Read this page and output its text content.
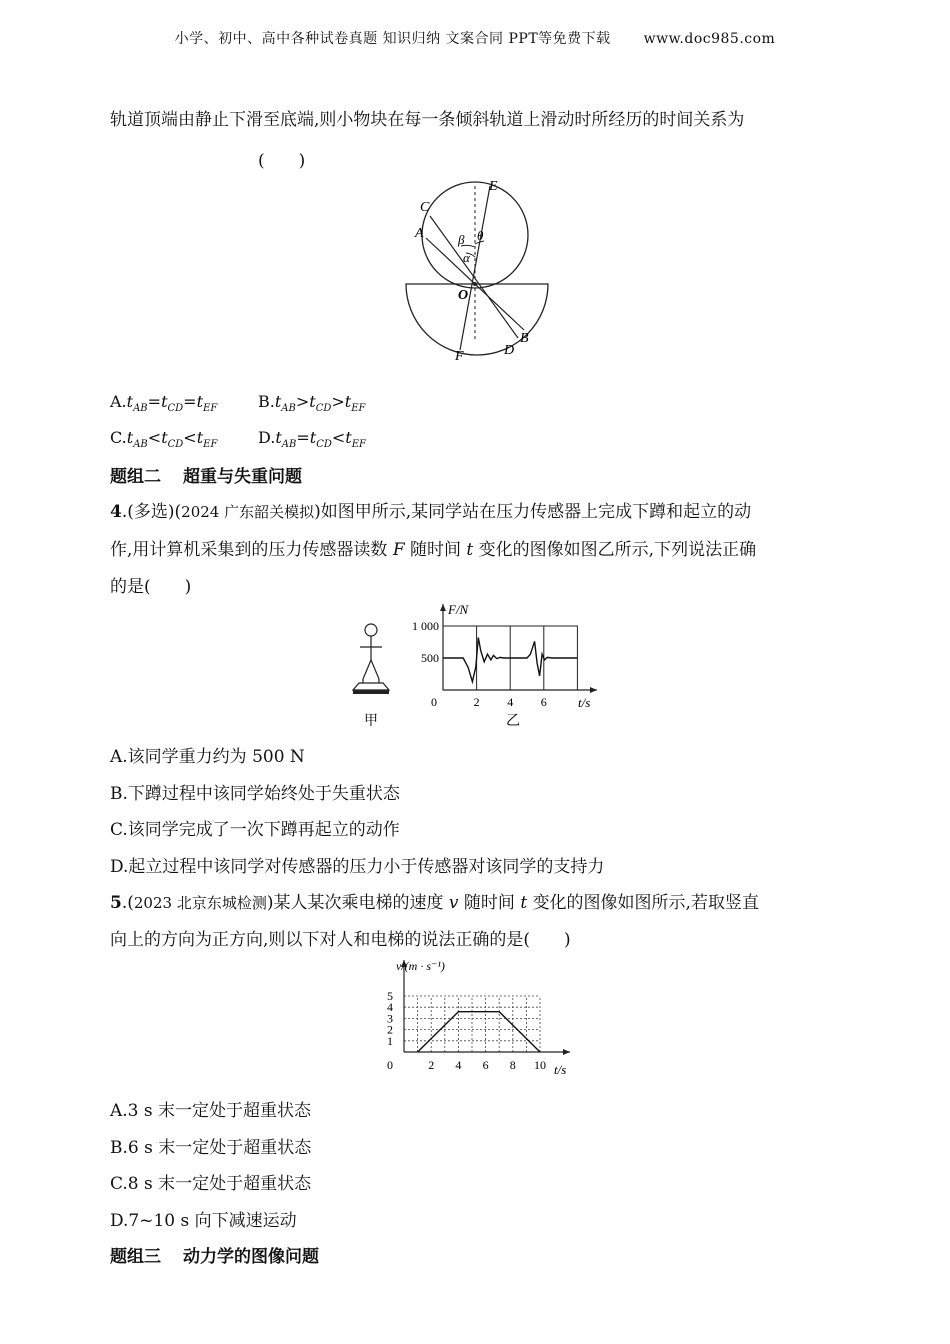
小学、初中、高中各种试卷真题 知识归纳 文案合同 PPT等免费下载 www.doc985.com
轨道顶端由静止下滑至底端,则小物块在每一条倾斜轨道上滑动时所经历的时间关系为
(　　)
C
E
A	β θ
α
O
B
D
F
$A.t_{AB}=t_{CD}=t_{EF}$	$B.t_{AB}>t_{CD}>t_{EF}$
$C.t_{AB}<t_{CD}<t_{EF}$	$D.t_{AB}=t_{CD}<t_{EF}$
题组二 超重与失重问题
4.(多选)(2024 广东韶关模拟)如图甲所示,某同学站在压力传感器上完成下蹲和起立的动
作,用计算机采集到的压力传感器读数 F 随时间 t 变化的图像如图乙所示,下列说法正确
的是(　　)
甲
1 000
500
0	2 4 6
F/N
t/s
乙
A.该同学重力约为 500 N
B.下蹲过程中该同学始终处于失重状态
C.该同学完成了一次下蹲再起立的动作
D.起立过程中该同学对传感器的压力小于传感器对该同学的支持力
5.(2023 北京东城检测)某人某次乘电梯的速度 v 随时间 t 变化的图像如图所示,若取竖直
向上的方向为正方向,则以下对人和电梯的说法正确的是(　　)
1
2
3
4
5
0	2 4 6 8 10
v/(m · s⁻¹)
t/s
A.3 s 末一定处于超重状态
B.6 s 末一定处于超重状态
C.8 s 末一定处于超重状态
D.7~10 s 向下减速运动
题组三 动力学的图像问题
